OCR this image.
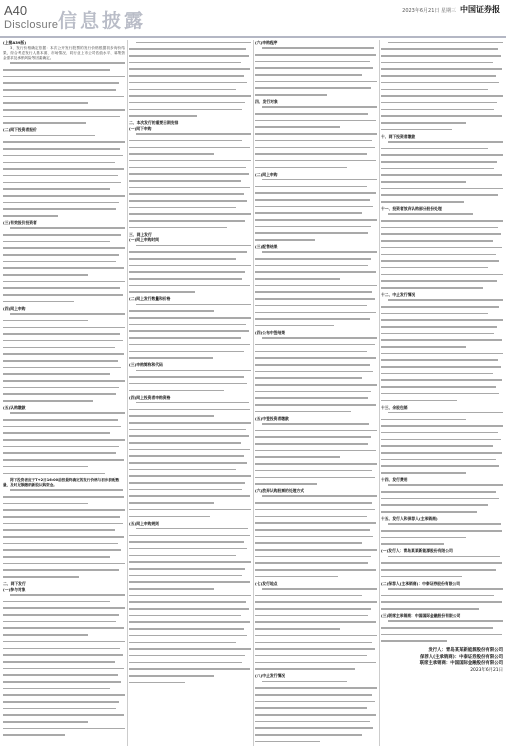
A40
Disclosure 信息披露	2023年6月21日 星期三 中国证券报
(上接A39版)
3、发行价格确定依据：本次公开发行股票的发行价格根据初步询价结果，综合考虑发行人基本面、市场情况、同行业上市公司估值水平、募集资金需求及承销风险等因素确定。
(二)网下投资者报价
(三)有效报价投资者
(四)网上申购
(五)认购缴款
网下投资者应于T+2日16:00前按最终确定的发行价格与初步获配数量，及时足额缴纳新股认购资金。
二、网下发行
(一)参与对象
二、本次发行的重要日期安排
(一)网下申购
三、网上发行
(一)网上申购时间
(二)网上发行数量和价格
(三)申购简称和代码
(四)网上投资者申购资格
(五)网上申购规则
(六)申购程序
四、发行对象
(二)网上申购
(三)配售结果
(四)公布中签结果
(五)中签投资者缴款
(六)放弃认购股票的处理方式
(七)发行地点
(八)中止发行情况
十、网下投资者缴款
十一、投资者放弃认购部分股份处理
十二、中止发行情况
十三、余股包销
十四、发行费用
十五、发行人和保荐人(主承销商)
(一)发行人：青岛某某新能源股份有限公司
(二)保荐人(主承销商)：中泰证券股份有限公司
(三)联席主承销商：中国国际金融股份有限公司
发行人：青岛某某新能源股份有限公司
保荐人(主承销商)：中泰证券股份有限公司
联席主承销商：中国国际金融股份有限公司
2023年6月21日
